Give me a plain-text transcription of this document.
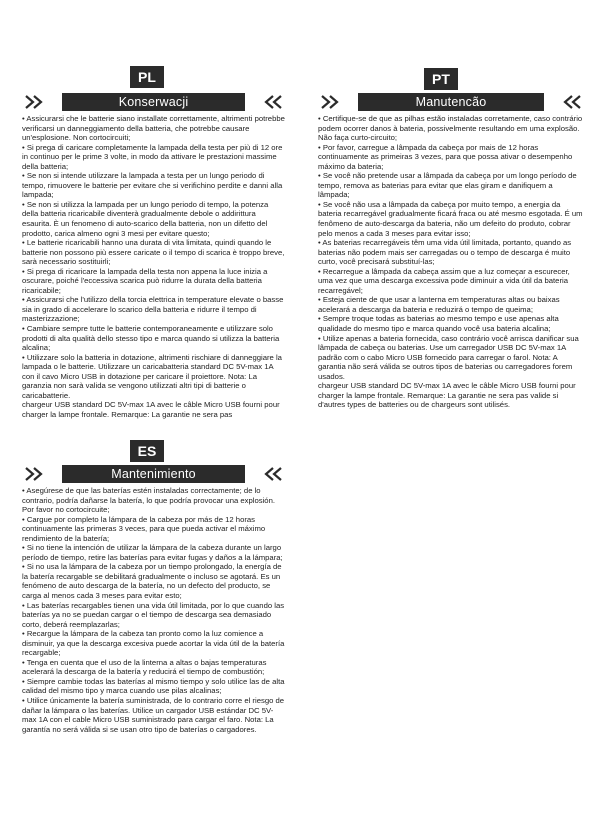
PL
Konserwacji

• Assicurarsi che le batterie siano installate correttamente, altrimenti potrebbe verificarsi un danneggiamento della batteria, che potrebbe causare un'esplosione. Non cortocircuiti;

• Si prega di caricare completamente la lampada della testa per più di 12 ore in continuo per le prime 3 volte, in modo da attivare le prestazioni massime della batteria;

• Se non si intende utilizzare la lampada a testa per un lungo periodo di tempo, rimuovere le batterie per evitare che si verifichino perdite e danni alla lampada;

• Se non si utilizza la lampada per un lungo periodo di tempo, la potenza della batteria ricaricabile diventerà gradualmente debole o addirittura esaurita. È un fenomeno di auto-scarico della batteria, non un difetto del prodotto, carica almeno ogni 3 mesi per evitare questo;

• Le batterie ricaricabili hanno una durata di vita limitata, quindi quando le batterie non possono più essere caricate o il tempo di scarica è troppo breve, sarà necessario sostituirli;

• Si prega di ricaricare la lampada della testa non appena la luce inizia a oscurare, poiché l'eccessiva scarica può ridurre la durata della batteria ricaricabile;

• Assicurarsi che l'utilizzo della torcia elettrica in temperature elevate o basse sia in grado di accelerare lo scarico della batteria e ridurre il tempo di masterizzazione;

• Cambiare sempre tutte le batterie contemporaneamente e utilizzare solo prodotti di alta qualità dello stesso tipo e marca quando si utilizza la batteria alcalina;

• Utilizzare solo la batteria in dotazione, altrimenti rischiare di danneggiare la lampada o le batterie. Utilizzare un caricabatteria standard DC 5V-max 1A con il cavo Micro USB in dotazione per caricare il proiettore. Nota: La garanzia non sarà valida se vengono utilizzati altri tipi di batterie o caricabatterie.

chargeur USB standard DC 5V-max 1A avec le câble Micro USB fourni pour charger la lampe frontale. Remarque: La garantie ne sera pas

PT
Manutencão

• Certifique-se de que as pilhas estão instaladas corretamente, caso contrário podem ocorrer danos à bateria, possivelmente resultando em uma explosão. Não faça curto-circuito;

• Por favor, carregue a lâmpada da cabeça por mais de 12 horas continuamente as primeiras 3 vezes, para que possa ativar o desempenho máximo da bateria;

• Se você não pretende usar a lâmpada da cabeça por um longo período de tempo, remova as baterias para evitar que elas giram e danifiquem a lâmpada;

• Se você não usa a lâmpada da cabeça por muito tempo, a energia da bateria recarregável gradualmente ficará fraca ou até mesmo esgotada. É um fenômeno de auto-descarga da bateria, não um defeito do produto, cobrar pelo menos a cada 3 meses para evitar isso;

• As baterias recarregáveis têm uma vida útil limitada, portanto, quando as baterias não podem mais ser carregadas ou o tempo de descarga é muito curto, você precisará substituí-las;

• Recarregue a lâmpada da cabeça assim que a luz começar a escurecer, uma vez que uma descarga excessiva pode diminuir a vida útil da bateria recarregável;

• Esteja ciente de que usar a lanterna em temperaturas altas ou baixas acelerará a descarga da bateria e reduzirá o tempo de queima;

• Sempre troque todas as baterias ao mesmo tempo e use apenas alta qualidade do mesmo tipo e marca quando você usa bateria alcalina;

• Utilize apenas a bateria fornecida, caso contrário você arrisca danificar sua lâmpada de cabeça ou baterias. Use um carregador USB DC 5V-max 1A padrão com o cabo Micro USB fornecido para carregar o farol. Nota: A garantia não será válida se outros tipos de baterias ou carregadores forem usados.

chargeur USB standard DC 5V-max 1A avec le câble Micro USB fourni pour charger la lampe frontale. Remarque: La garantie ne sera pas valide si d'autres types de batteries ou de chargeurs sont utilisés.

ES
Mantenimiento

• Asegúrese de que las baterías estén instaladas correctamente; de lo contrario, podría dañarse la batería, lo que podría provocar una explosión. Por favor no cortocircuite;

• Cargue por completo la lámpara de la cabeza por más de 12 horas continuamente las primeras 3 veces, para que pueda activar el máximo rendimiento de la batería;

• Si no tiene la intención de utilizar la lámpara de la cabeza durante un largo período de tiempo, retire las baterías para evitar fugas y daños a la lámpara;

• Si no usa la lámpara de la cabeza por un tiempo prolongado, la energía de la batería recargable se debilitará gradualmente o incluso se agotará. Es un fenómeno de auto descarga de la batería, no un defecto del producto, se carga al menos cada 3 meses para evitar esto;

• Las baterías recargables tienen una vida útil limitada, por lo que cuando las baterías ya no se puedan cargar o el tiempo de descarga sea demasiado corto, deberá reemplazarlas;

• Recargue la lámpara de la cabeza tan pronto como la luz comience a disminuir, ya que la descarga excesiva puede acortar la vida útil de la batería recargable;

• Tenga en cuenta que el uso de la linterna a altas o bajas temperaturas acelerará la descarga de la batería y reducirá el tiempo de combustión;

• Siempre cambie todas las baterías al mismo tiempo y solo utilice las de alta calidad del mismo tipo y marca cuando use pilas alcalinas;

• Utilice únicamente la batería suministrada, de lo contrario corre el riesgo de dañar la lámpara o las baterías. Utilice un cargador USB estándar DC 5V-max 1A con el cable Micro USB suministrado para cargar el faro. Nota: La garantía no será válida si se usan otro tipo de baterías o cargadores.
